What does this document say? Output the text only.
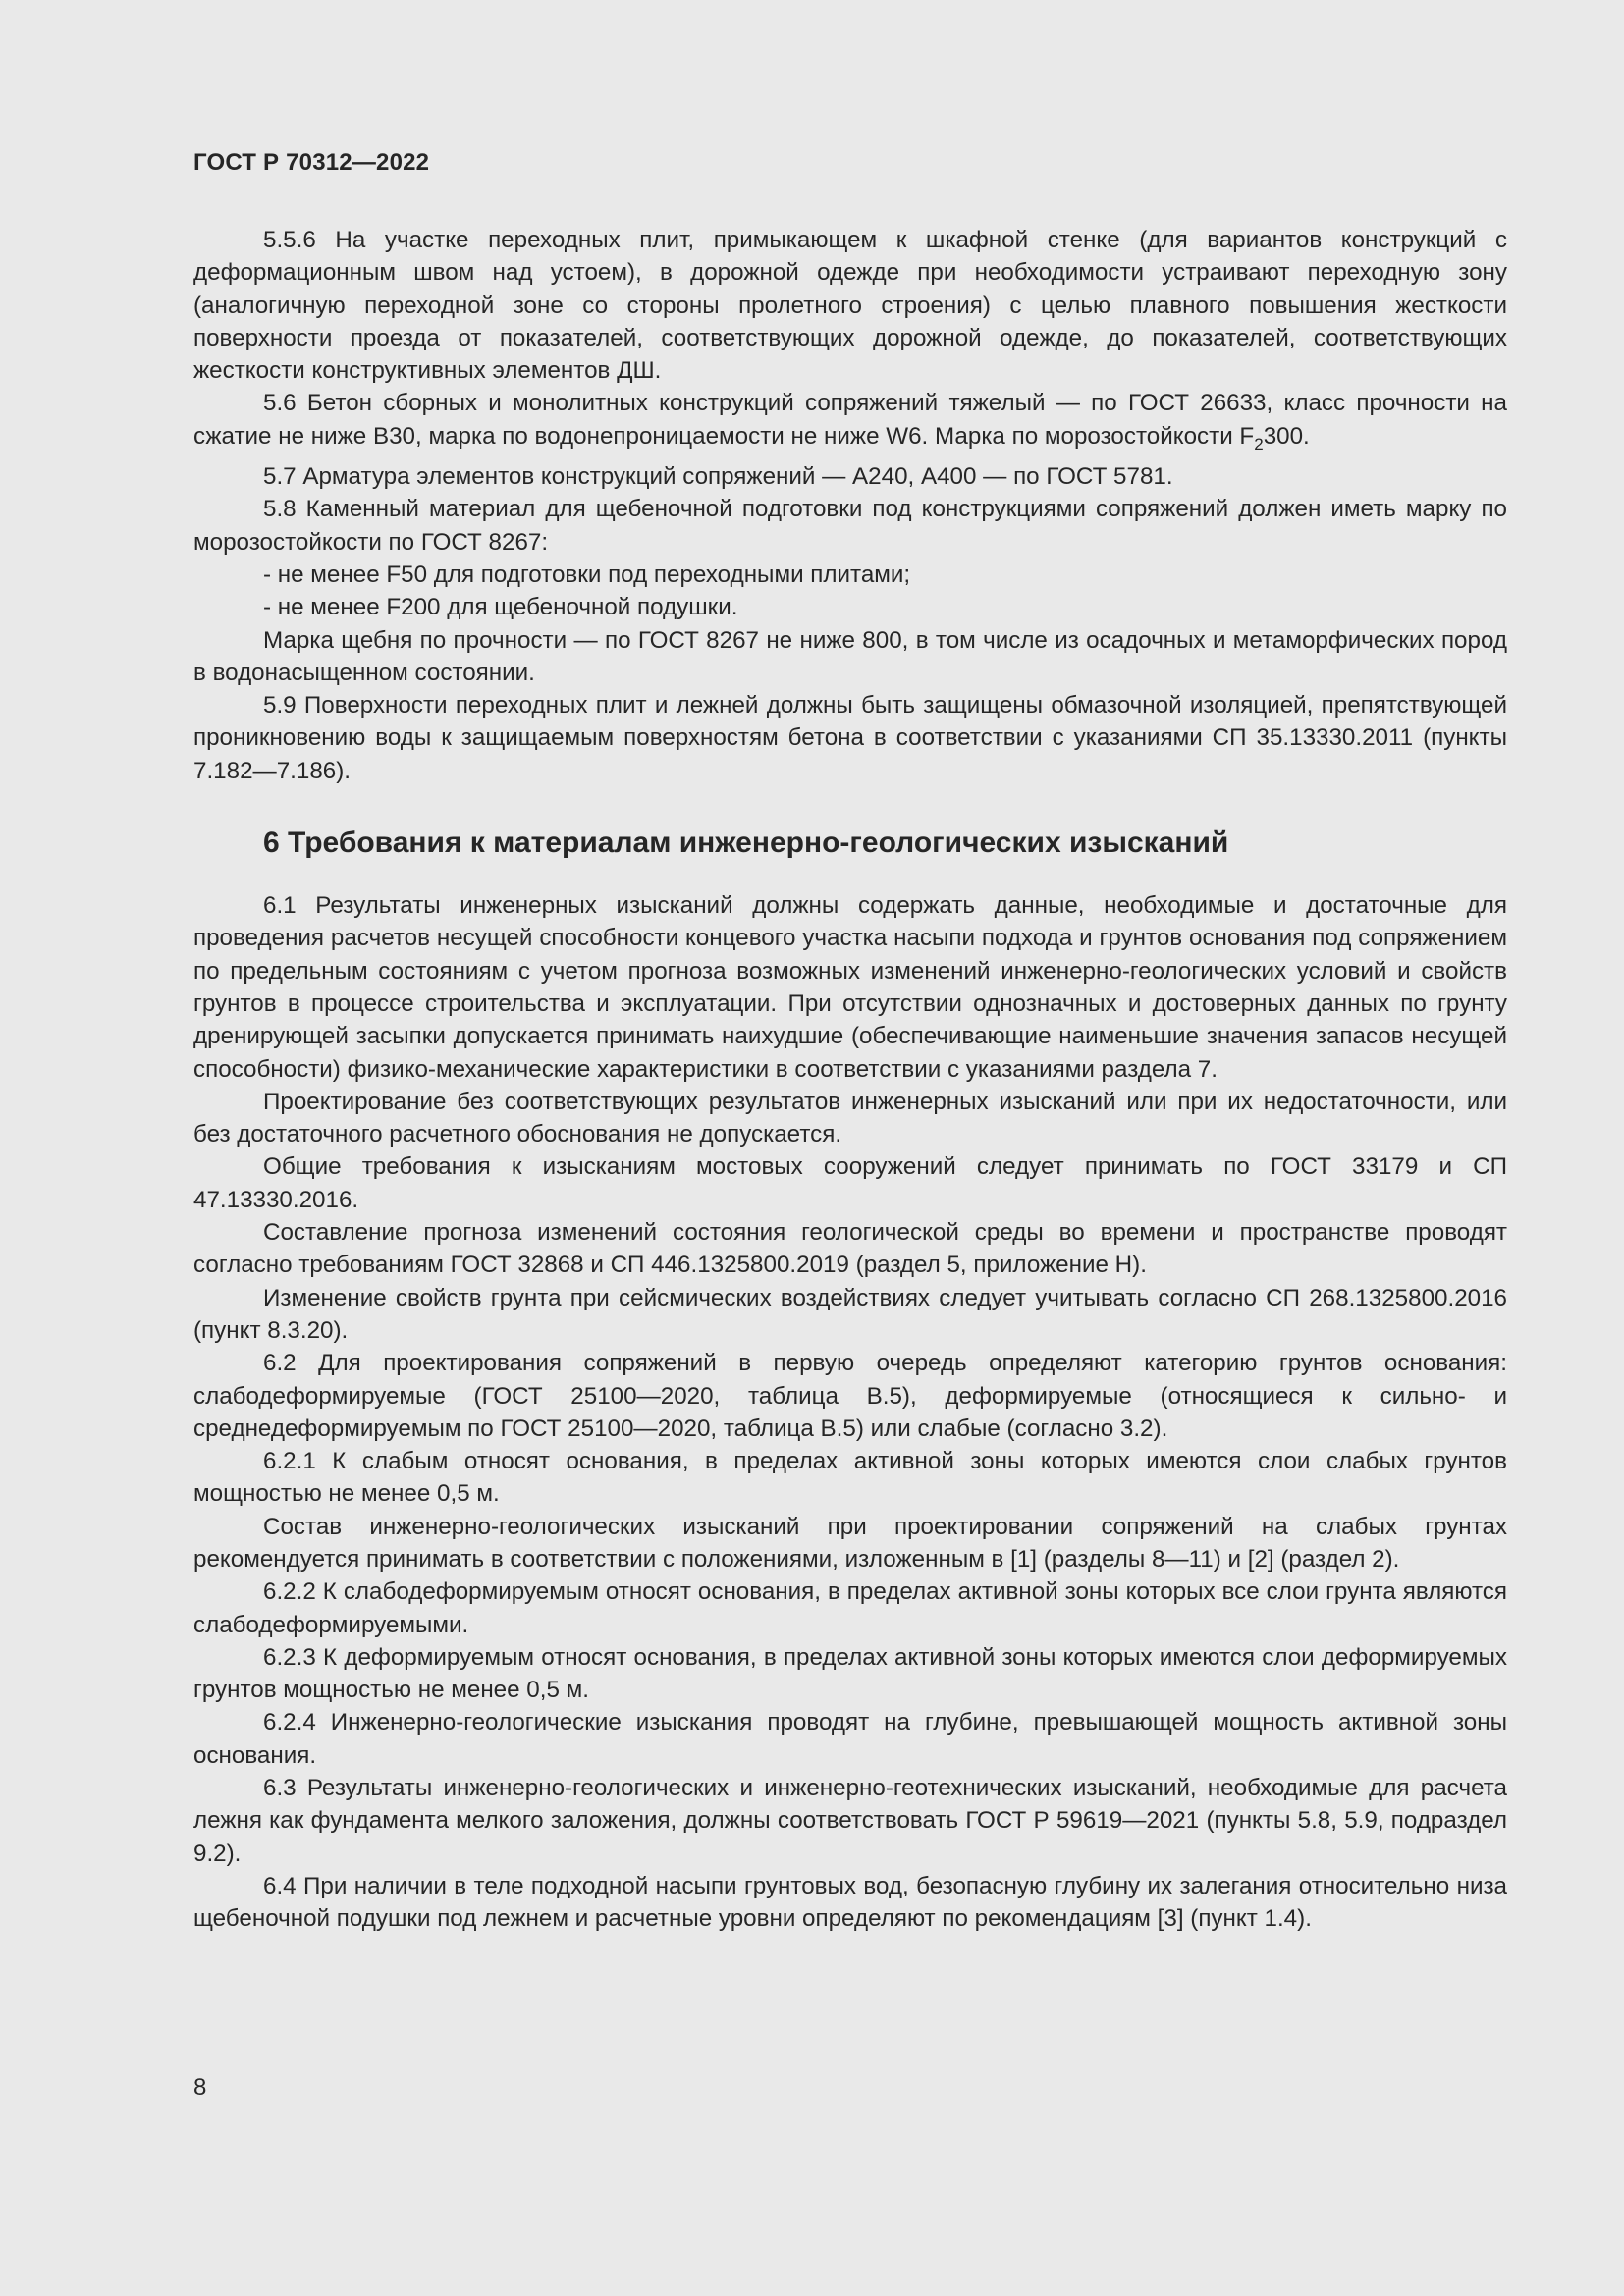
ГОСТ Р 70312—2022

5.5.6 На участке переходных плит, примыкающем к шкафной стенке (для вариантов конструкций с деформационным швом над устоем), в дорожной одежде при необходимости устраивают переходную зону (аналогичную переходной зоне со стороны пролетного строения) с целью плавного повышения жесткости поверхности проезда от показателей, соответствующих дорожной одежде, до показателей, соответствующих жесткости конструктивных элементов ДШ.

5.6 Бетон сборных и монолитных конструкций сопряжений тяжелый — по ГОСТ 26633, класс прочности на сжатие не ниже В30, марка по водонепроницаемости не ниже W6. Марка по морозостойкости $F_2300$.

5.7 Арматура элементов конструкций сопряжений — А240, А400 — по ГОСТ 5781.

5.8 Каменный материал для щебеночной подготовки под конструкциями сопряжений должен иметь марку по морозостойкости по ГОСТ 8267:

- не менее F50 для подготовки под переходными плитами;

- не менее F200 для щебеночной подушки.

Марка щебня по прочности — по ГОСТ 8267 не ниже 800, в том числе из осадочных и метаморфических пород в водонасыщенном состоянии.

5.9 Поверхности переходных плит и лежней должны быть защищены обмазочной изоляцией, препятствующей проникновению воды к защищаемым поверхностям бетона в соответствии с указаниями СП 35.13330.2011 (пункты 7.182—7.186).

6 Требования к материалам инженерно-геологических изысканий

6.1 Результаты инженерных изысканий должны содержать данные, необходимые и достаточные для проведения расчетов несущей способности концевого участка насыпи подхода и грунтов основания под сопряжением по предельным состояниям с учетом прогноза возможных изменений инженерно-геологических условий и свойств грунтов в процессе строительства и эксплуатации. При отсутствии однозначных и достоверных данных по грунту дренирующей засыпки допускается принимать наихудшие (обеспечивающие наименьшие значения запасов несущей способности) физико-механические характеристики в соответствии с указаниями раздела 7.

Проектирование без соответствующих результатов инженерных изысканий или при их недостаточности, или без достаточного расчетного обоснования не допускается.

Общие требования к изысканиям мостовых сооружений следует принимать по ГОСТ 33179 и СП 47.13330.2016.

Составление прогноза изменений состояния геологической среды во времени и пространстве проводят согласно требованиям ГОСТ 32868 и СП 446.1325800.2019 (раздел 5, приложение Н).

Изменение свойств грунта при сейсмических воздействиях следует учитывать согласно СП 268.1325800.2016 (пункт 8.3.20).

6.2 Для проектирования сопряжений в первую очередь определяют категорию грунтов основания: слабодеформируемые (ГОСТ 25100—2020, таблица В.5), деформируемые (относящиеся к сильно- и среднедеформируемым по ГОСТ 25100—2020, таблица В.5) или слабые (согласно 3.2).

6.2.1 К слабым относят основания, в пределах активной зоны которых имеются слои слабых грунтов мощностью не менее 0,5 м.

Состав инженерно-геологических изысканий при проектировании сопряжений на слабых грунтах рекомендуется принимать в соответствии с положениями, изложенным в [1] (разделы 8—11) и [2] (раздел 2).

6.2.2 К слабодеформируемым относят основания, в пределах активной зоны которых все слои грунта являются слабодеформируемыми.

6.2.3 К деформируемым относят основания, в пределах активной зоны которых имеются слои деформируемых грунтов мощностью не менее 0,5 м.

6.2.4 Инженерно-геологические изыскания проводят на глубине, превышающей мощность активной зоны основания.

6.3 Результаты инженерно-геологических и инженерно-геотехнических изысканий, необходимые для расчета лежня как фундамента мелкого заложения, должны соответствовать ГОСТ Р 59619—2021 (пункты 5.8, 5.9, подраздел 9.2).

6.4 При наличии в теле подходной насыпи грунтовых вод, безопасную глубину их залегания относительно низа щебеночной подушки под лежнем и расчетные уровни определяют по рекомендациям [3] (пункт 1.4).

8
